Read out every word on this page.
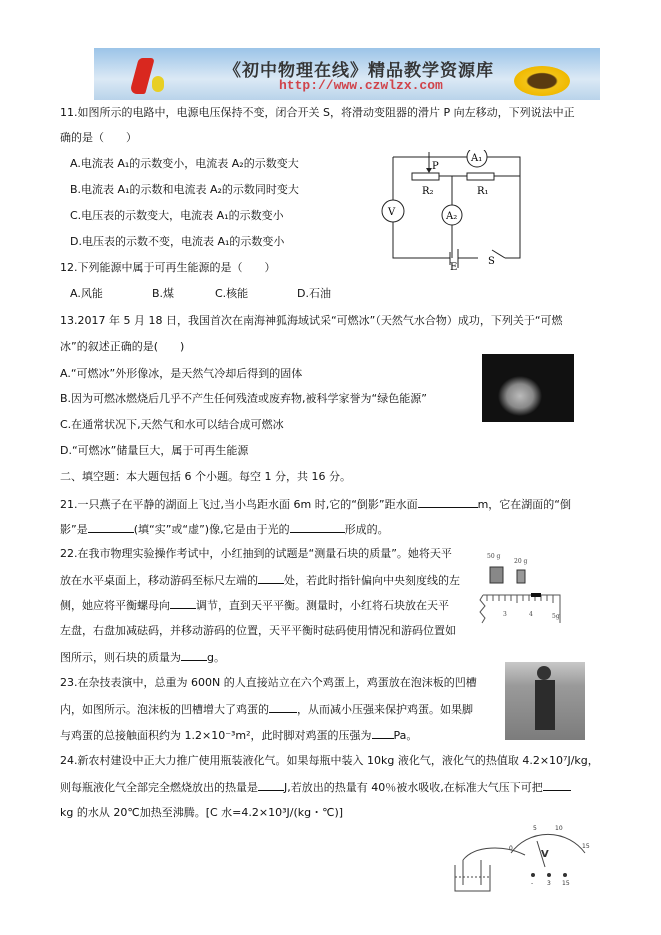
《初中物理在线》精品教学资源库
http://www.czwlzx.com
11.如图所示的电路中，电源电压保持不变，闭合开关 S，将滑动变阻器的滑片 P 向左移动，下列说法中正
确的是（　　）
A.电流表 A₁的示数变小，电流表 A₂的示数变大
B.电流表 A₁的示数和电流表 A₂的示数同时变大
C.电压表的示数变大，电流表 A₁的示数变小
D.电压表的示数不变，电流表 A₁的示数变小
A₁
V	A₂
P
R₂	R₁
E
S
12.下列能源中属于可再生能源的是（　　）
A.风能	B.煤	C.核能	D.石油
13.2017 年 5 月 18 日，我国首次在南海神狐海域试采“可燃冰”（天然气水合物）成功，下列关于“可燃
冰”的叙述正确的是(　　)
A.“可燃冰”外形像冰，是天然气冷却后得到的固体
B.因为可燃冰燃烧后几乎不产生任何残渣或废弃物,被科学家誉为“绿色能源”
C.在通常状况下,天然气和水可以结合成可燃冰
D.“可燃冰”储量巨大，属于可再生能源
二、填空题：本大题包括 6 个小题。每空 1 分，共 16 分。
21.一只燕子在平静的湖面上飞过,当小鸟距水面 6m 时,它的“倒影”距水面	m，它在湖面的“倒
影”是	(填“实”或“虚”)像,它是由于光的	形成的。
22.在我市物理实验操作考试中，小红抽到的试题是“测量石块的质量”。她将天平
放在水平桌面上，移动游码至标尺左端的 处，若此时指针偏向中央刻度线的左
侧，她应将平衡螺母向 调节，直到天平平衡。测量时，小红将石块放在天平
左盘，右盘加减砝码，并移动游码的位置，天平平衡时砝码使用情况和游码位置如
图所示，则石块的质量为 g。
50 g
20 g
3	4	5g
23.在杂技表演中，总重为 600N 的人直接站立在六个鸡蛋上，鸡蛋放在泡沫板的凹槽
内，如图所示。泡沫板的凹槽增大了鸡蛋的	，从而减小压强来保护鸡蛋。如果脚
与鸡蛋的总接触面积约为 1.2×10⁻³m²，此时脚对鸡蛋的压强为 Pa。
24.新农村建设中正大力推广使用瓶装液化气。如果每瓶中装入 10kg 液化气，液化气的热值取 4.2×10⁷J/kg，
则每瓶液化气全部完全燃烧放出的热量是 J,若放出的热量有 40％被水吸收,在标准大气压下可把
kg 的水从 20℃加热至沸腾。[C 水=4.2×10³J/(kg・℃)]
0
5	10
15
V
- 3 15
